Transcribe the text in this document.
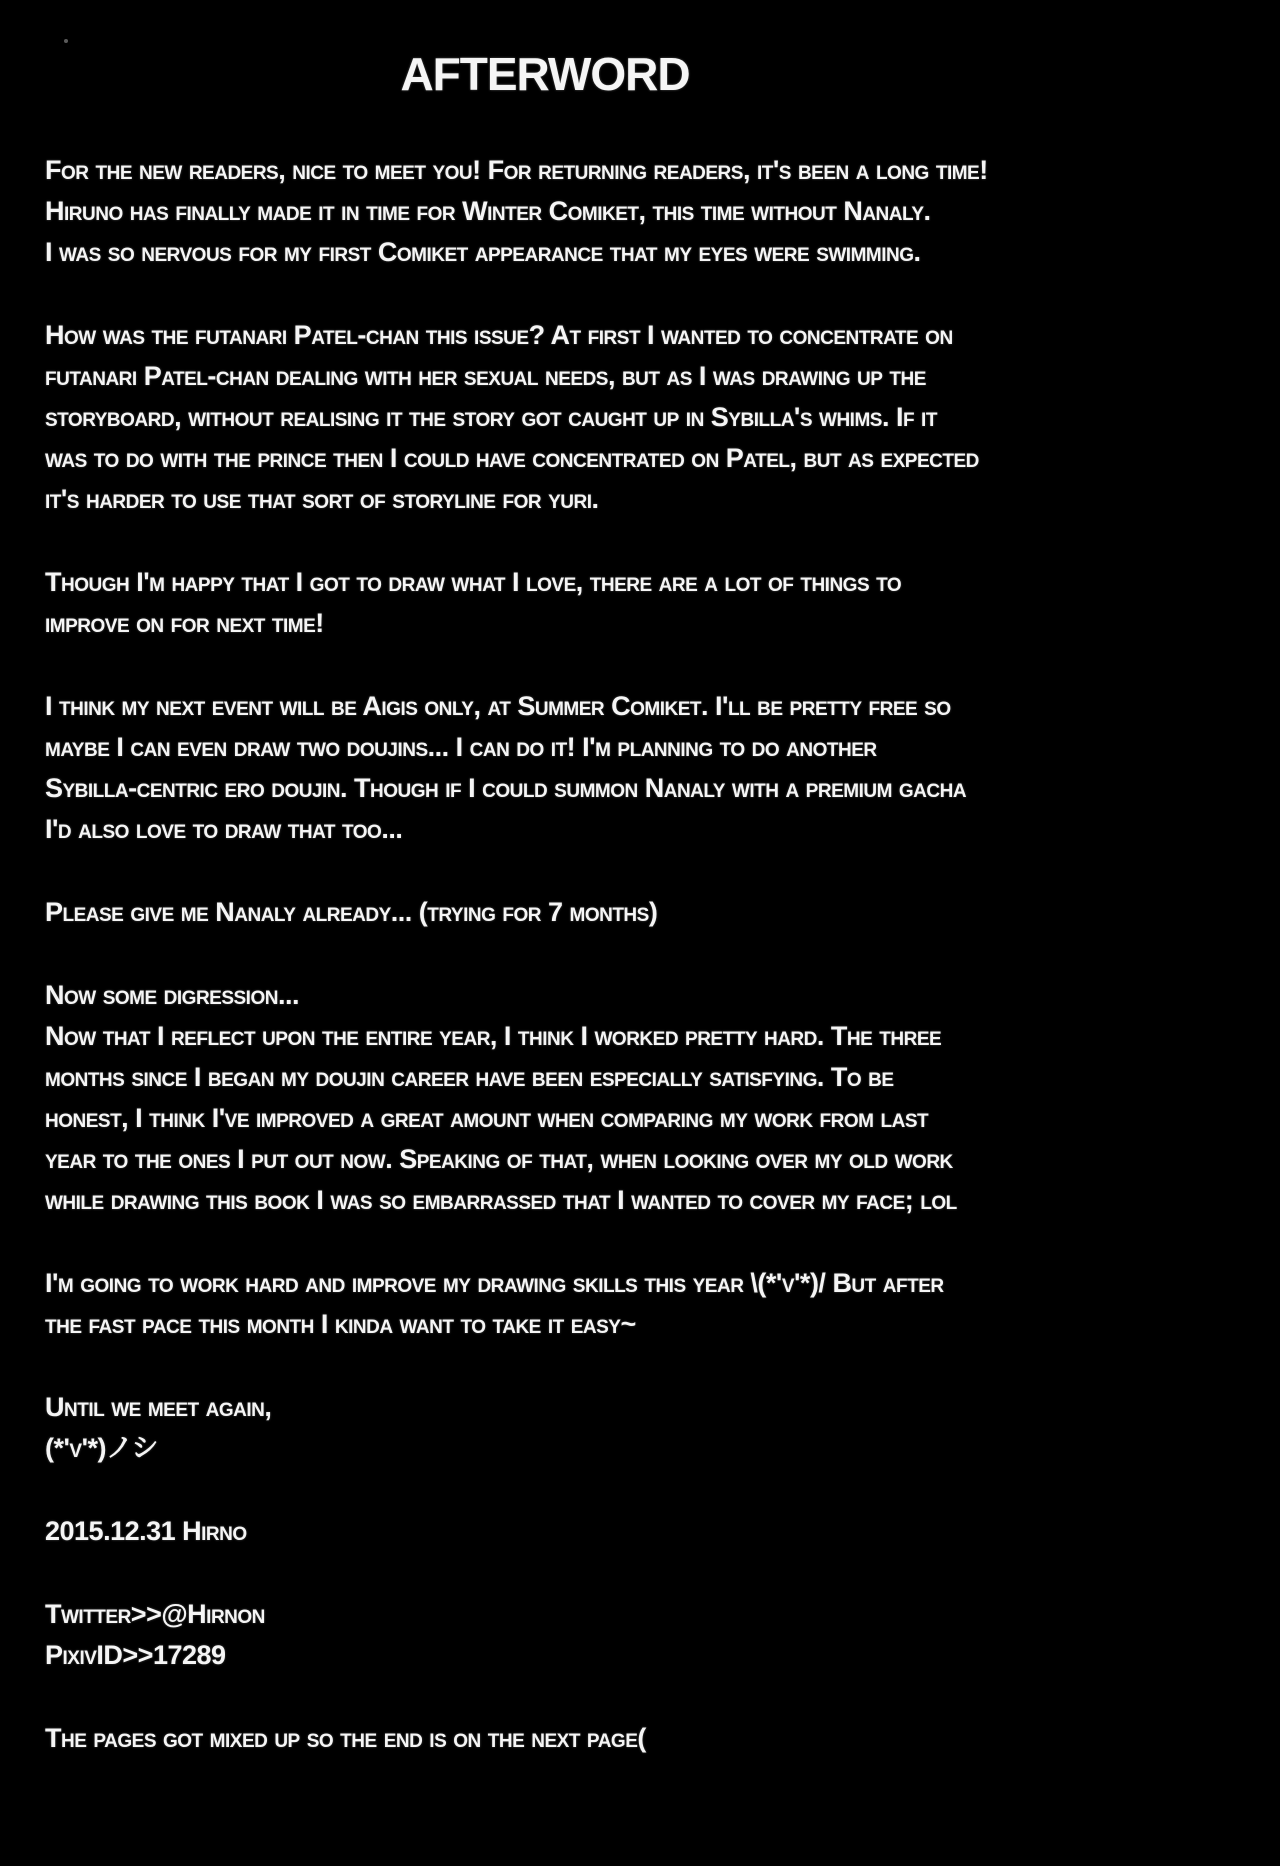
AFTERWORD
For the new readers, nice to meet you! For returning readers, it's been a long time!
Hiruno has finally made it in time for Winter Comiket, this time without Nanaly.
I was so nervous for my first Comiket appearance that my eyes were swimming.
How was the futanari Patel-chan this issue? At first I wanted to concentrate on
futanari Patel-chan dealing with her sexual needs, but as I was drawing up the
storyboard, without realising it the story got caught up in Sybilla's whims. If it
was to do with the prince then I could have concentrated on Patel, but as expected
it's harder to use that sort of storyline for yuri.
Though I'm happy that I got to draw what I love, there are a lot of things to
improve on for next time!
I think my next event will be Aigis only, at Summer Comiket. I'll be pretty free so
maybe I can even draw two doujins... I can do it! I'm planning to do another
Sybilla-centric ero doujin. Though if I could summon Nanaly with a premium gacha
I'd also love to draw that too...
Please give me Nanaly already... (trying for 7 months)
Now some digression...
Now that I reflect upon the entire year, I think I worked pretty hard. The three
months since I began my doujin career have been especially satisfying. To be
honest, I think I've improved a great amount when comparing my work from last
year to the ones I put out now. Speaking of that, when looking over my old work
while drawing this book I was so embarrassed that I wanted to cover my face; lol
I'm going to work hard and improve my drawing skills this year \(*'v'*)/ But after
the fast pace this month I kinda want to take it easy~
Until we meet again,
(*'v'*)ノシ
2015.12.31 Hirno
Twitter>>@Hirnon
PixivID>>17289
The pages got mixed up so the end is on the next page(
